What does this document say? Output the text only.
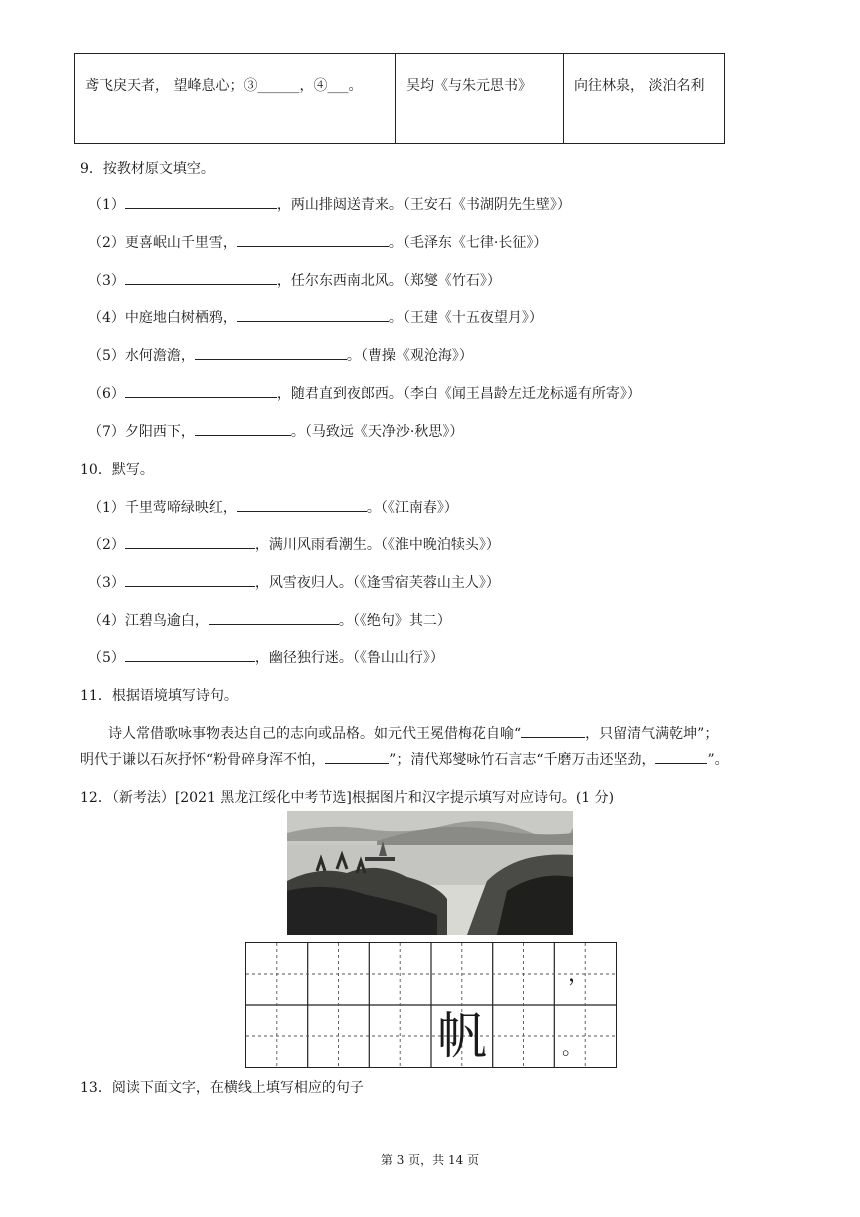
鸢飞戾天者， 望峰息心；③______，④___。	吴均《与朱元思书》	向往林泉， 淡泊名利
9．按教材原文填空。
（1）	，两山排闼送青来。（王安石《书湖阴先生壁》）
（2）更喜岷山千里雪，	。（毛泽东《七律·长征》）
（3）	，任尔东西南北风。（郑燮《竹石》）
（4）中庭地白树栖鸦，	。（王建《十五夜望月》）
（5）水何澹澹，	。（曹操《观沧海》）
（6）	，随君直到夜郎西。（李白《闻王昌龄左迁龙标遥有所寄》）
（7）夕阳西下，	。（马致远《天净沙·秋思》）
10．默写。
（1）千里莺啼绿映红，	。（《江南春》）
（2）	，满川风雨看潮生。（《淮中晚泊犊头》）
（3）	，风雪夜归人。（《逢雪宿芙蓉山主人》）
（4）江碧鸟逾白，	。（《绝句》其二）
（5）	，幽径独行迷。（《鲁山山行》）
11．根据语境填写诗句。
诗人常借歌咏事物表达自己的志向或品格。如元代王冕借梅花自喻“	，只留清气满乾坤”；
明代于谦以石灰抒怀“粉骨碎身浑不怕，	”；清代郑燮咏竹石言志“千磨万击还坚劲，	”。
12．（新考法）[2021 黑龙江绥化中考节选]根据图片和汉字提示填写对应诗句。(1 分)
，
帆	。
13．阅读下面文字，在横线上填写相应的句子
第 3 页，共 14 页
